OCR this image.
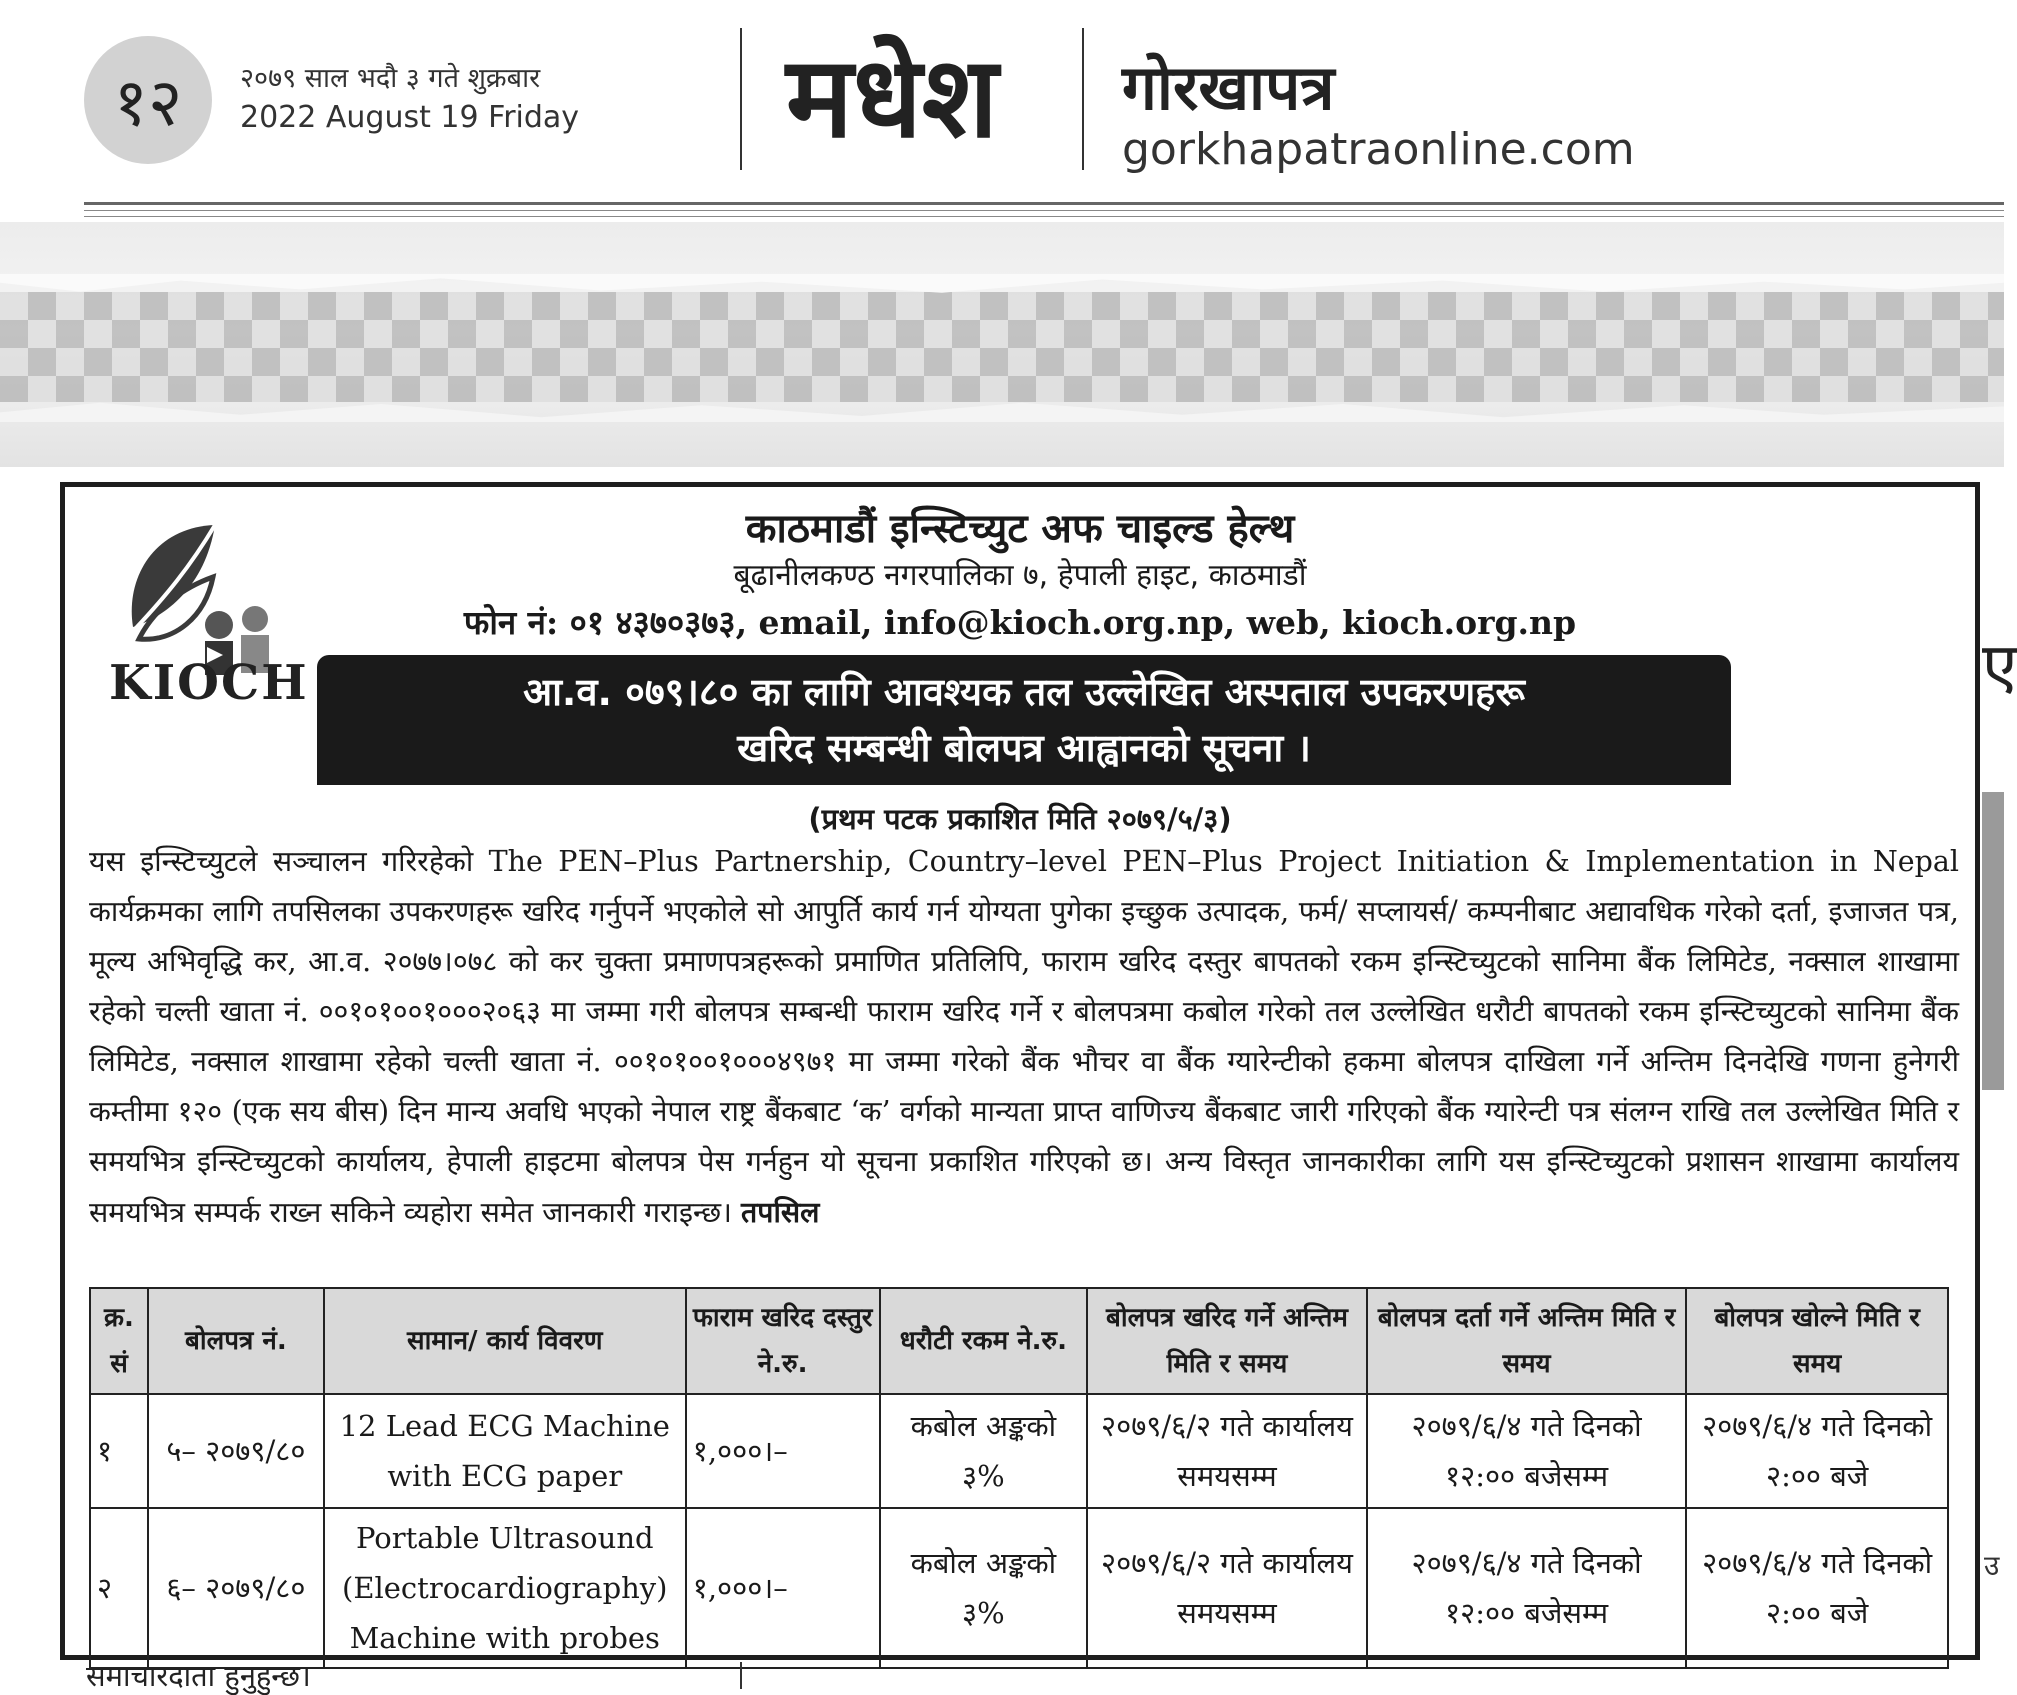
१२ २०७९ साल भदौ ३ गते शुक्रबार
2022 August 19 Friday मधेश गोरखापत्र
gorkhapatraonline.com
KIOCH
काठमाडौं इन्स्टिच्युट अफ चाइल्ड हेल्थ
बूढानीलकण्ठ नगरपालिका ७, हेपाली हाइट, काठमाडौं
फोन नं: ०१ ४३७०३७३, email, info@kioch.org.np, web, kioch.org.np
आ.व. ०७९।८० का लागि आवश्यक तल उल्लेखित अस्पताल उपकरणहरू
खरिद सम्बन्धी बोलपत्र आह्वानको सूचना ।
(प्रथम पटक प्रकाशित मिति २०७९/५/३)
यस इन्स्टिच्युटले सञ्चालन गरिरहेको The PEN–Plus Partnership, Country–level PEN–Plus Project Initiation & Implementation in Nepal कार्यक्रमका लागि तपसिलका उपकरणहरू खरिद गर्नुपर्ने भएकोले सो आपुर्ति कार्य गर्न योग्यता पुगेका इच्छुक उत्पादक, फर्म/ सप्लायर्स/ कम्पनीबाट अद्यावधिक गरेको दर्ता, इजाजत पत्र, मूल्य अभिवृद्धि कर, आ.व. २०७७।०७८ को कर चुक्ता प्रमाणपत्रहरूको प्रमाणित प्रतिलिपि, फाराम खरिद दस्तुर बापतको रकम इन्स्टिच्युटको सानिमा बैंक लिमिटेड, नक्साल शाखामा रहेको चल्ती खाता नं. ००१०१००१०००२०६३ मा जम्मा गरी बोलपत्र सम्बन्धी फाराम खरिद गर्ने र बोलपत्रमा कबोल गरेको तल उल्लेखित धरौटी बापतको रकम इन्स्टिच्युटको सानिमा बैंक लिमिटेड, नक्साल शाखामा रहेको चल्ती खाता नं. ००१०१००१०००४९७१ मा जम्मा गरेको बैंक भौचर वा बैंक ग्यारेन्टीको हकमा बोलपत्र दाखिला गर्ने अन्तिम दिनदेखि गणना हुनेगरी कम्तीमा १२० (एक सय बीस) दिन मान्य अवधि भएको नेपाल राष्ट्र बैंकबाट ‘क’ वर्गको मान्यता प्राप्त वाणिज्य बैंकबाट जारी गरिएको बैंक ग्यारेन्टी पत्र संलग्न राखि तल उल्लेखित मिति र समयभित्र इन्स्टिच्युटको कार्यालय, हेपाली हाइटमा बोलपत्र पेस गर्नहुन यो सूचना प्रकाशित गरिएको छ। अन्य विस्तृत जानकारीका लागि यस इन्स्टिच्युटको प्रशासन शाखामा कार्यालय समयभित्र सम्पर्क राख्न सकिने व्यहोरा समेत जानकारी गराइन्छ। तपसिल
क्र. सं	बोलपत्र नं.	सामान/ कार्य विवरण	फाराम खरिद दस्तुर ने.रु.	धरौटी रकम ने.रु.	बोलपत्र खरिद गर्ने अन्तिम मिति र समय	बोलपत्र दर्ता गर्ने अन्तिम मिति र समय	बोलपत्र खोल्ने मिति र समय
१	५– २०७९/८०	12 Lead ECG Machine with ECG paper	१,०००।–	कबोल अङ्कको ३%	२०७९/६/२ गते कार्यालय समयसम्म	२०७९/६/४ गते दिनको १२:०० बजेसम्म	२०७९/६/४ गते दिनको २:०० बजे
२	६– २०७९/८०	Portable Ultrasound (Electrocardiography) Machine with probes	१,०००।–	कबोल अङ्कको ३%	२०७९/६/२ गते कार्यालय समयसम्म	२०७९/६/४ गते दिनको १२:०० बजेसम्म	२०७९/६/४ गते दिनको २:०० बजे
ए
उ
समाचारदाता हुनुहुन्छ।
